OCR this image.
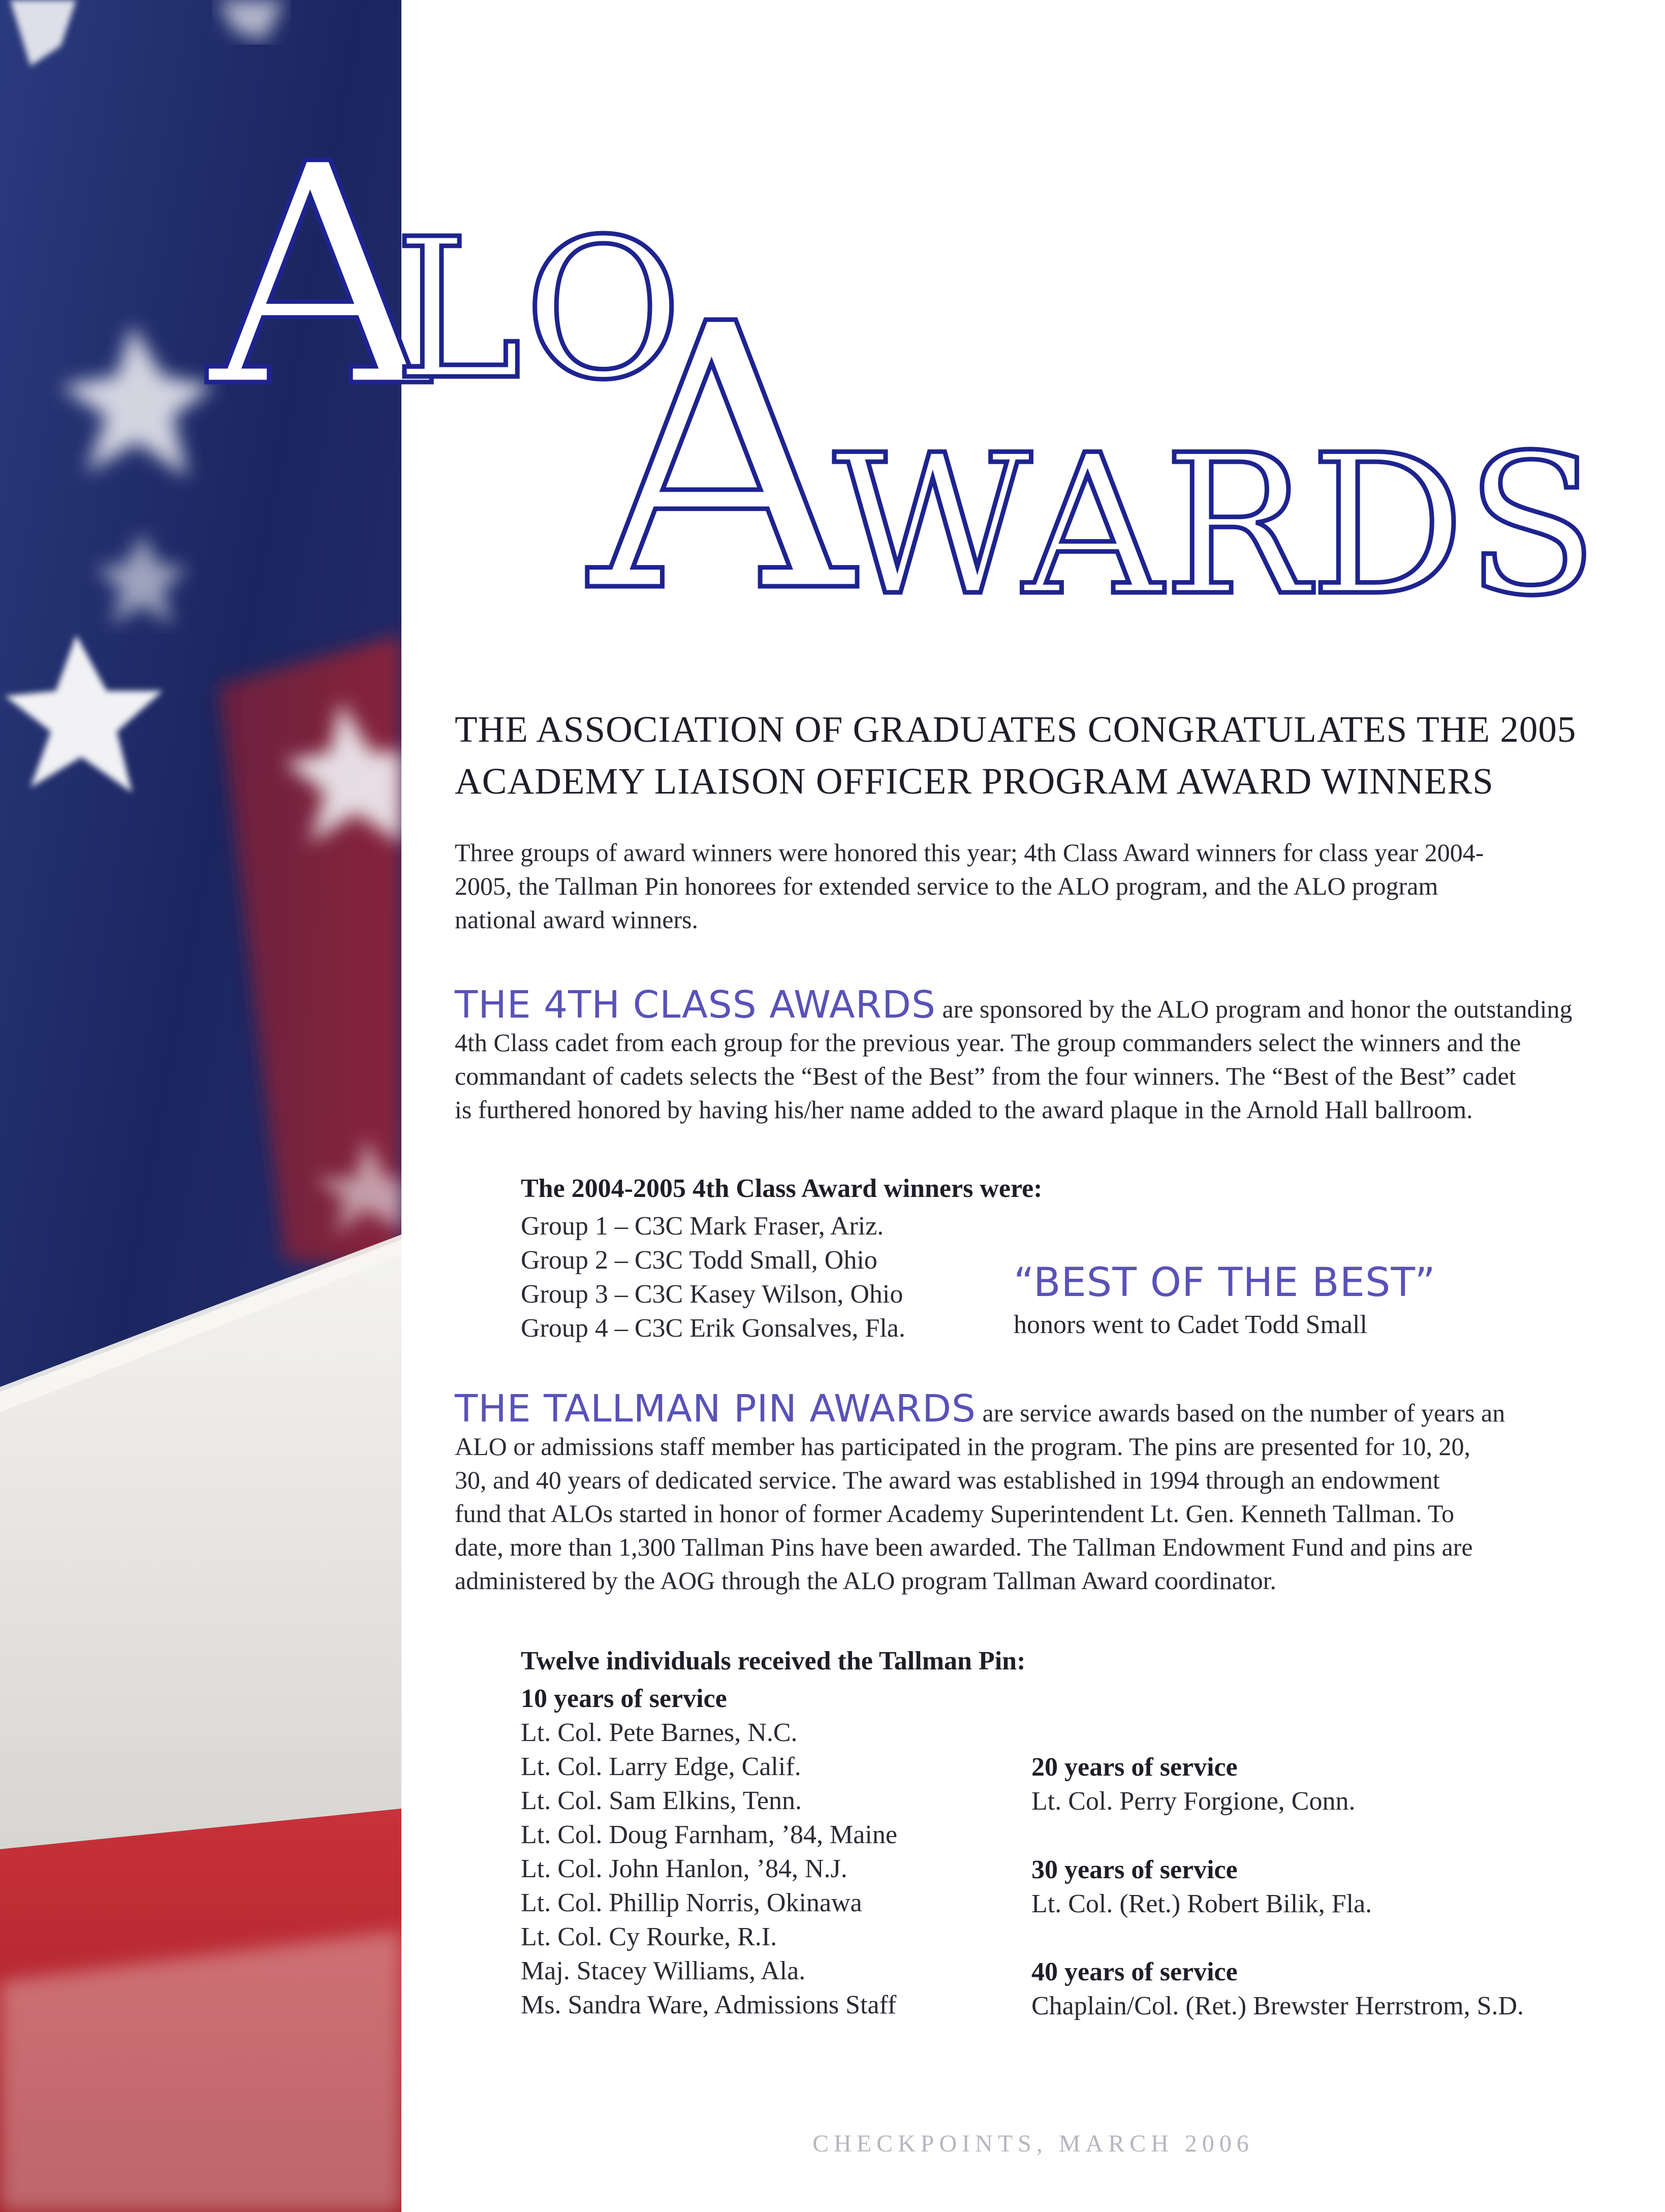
A
LO
A
WARDS
THE ASSOCIATION OF GRADUATES CONGRATULATES THE 2005
ACADEMY LIAISON OFFICER PROGRAM AWARD WINNERS
Three groups of award winners were honored this year; 4th Class Award winners for class year 2004-
2005, the Tallman Pin honorees for extended service to the ALO program, and the ALO program
national award winners.
THE 4TH CLASS AWARDS are sponsored by the ALO program and honor the outstanding
4th Class cadet from each group for the previous year. The group commanders select the winners and the
commandant of cadets selects the “Best of the Best” from the four winners. The “Best of the Best” cadet
is furthered honored by having his/her name added to the award plaque in the Arnold Hall ballroom.
The 2004-2005 4th Class Award winners were:
Group 1 – C3C Mark Fraser, Ariz.
Group 2 – C3C Todd Small, Ohio
Group 3 – C3C Kasey Wilson, Ohio
Group 4 – C3C Erik Gonsalves, Fla.
“BEST OF THE BEST”
honors went to Cadet Todd Small
THE TALLMAN PIN AWARDS are service awards based on the number of years an
ALO or admissions staff member has participated in the program. The pins are presented for 10, 20,
30, and 40 years of dedicated service. The award was established in 1994 through an endowment
fund that ALOs started in honor of former Academy Superintendent Lt. Gen. Kenneth Tallman. To
date, more than 1,300 Tallman Pins have been awarded. The Tallman Endowment Fund and pins are
administered by the AOG through the ALO program Tallman Award coordinator.
Twelve individuals received the Tallman Pin:
10 years of service
Lt. Col. Pete Barnes, N.C.
Lt. Col. Larry Edge, Calif.
Lt. Col. Sam Elkins, Tenn.
Lt. Col. Doug Farnham, ’84, Maine
Lt. Col. John Hanlon, ’84, N.J.
Lt. Col. Phillip Norris, Okinawa
Lt. Col. Cy Rourke, R.I.
Maj. Stacey Williams, Ala.
Ms. Sandra Ware, Admissions Staff
20 years of service
Lt. Col. Perry Forgione, Conn.
30 years of service
Lt. Col. (Ret.) Robert Bilik, Fla.
40 years of service
Chaplain/Col. (Ret.) Brewster Herrstrom, S.D.
CHECKPOINTS, MARCH 2006
